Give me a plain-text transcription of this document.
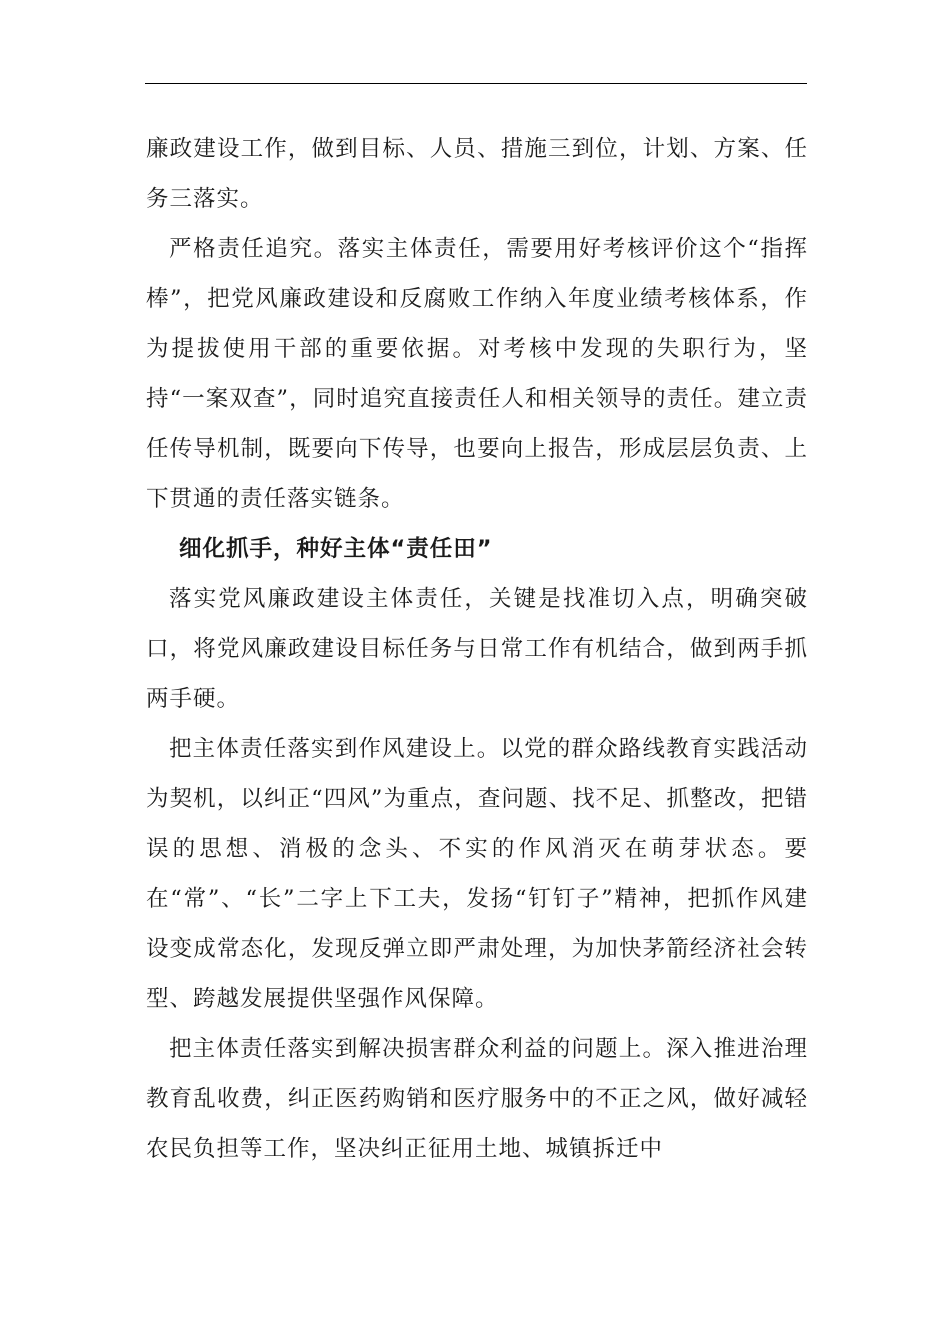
廉政建设工作，做到目标、人员、措施三到位，计划、方案、任务三落实。

严格责任追究。落实主体责任，需要用好考核评价这个“指挥棒”，把党风廉政建设和反腐败工作纳入年度业绩考核体系，作为提拔使用干部的重要依据。对考核中发现的失职行为，坚持“一案双查”，同时追究直接责任人和相关领导的责任。建立责任传导机制，既要向下传导，也要向上报告，形成层层负责、上下贯通的责任落实链条。

细化抓手，种好主体“责任田”

落实党风廉政建设主体责任，关键是找准切入点，明确突破口，将党风廉政建设目标任务与日常工作有机结合，做到两手抓两手硬。

把主体责任落实到作风建设上。以党的群众路线教育实践活动为契机，以纠正“四风”为重点，查问题、找不足、抓整改，把错误的思想、消极的念头、不实的作风消灭在萌芽状态。要在“常”、“长”二字上下工夫，发扬“钉钉子”精神，把抓作风建设变成常态化，发现反弹立即严肃处理，为加快茅箭经济社会转型、跨越发展提供坚强作风保障。

把主体责任落实到解决损害群众利益的问题上。深入推进治理教育乱收费，纠正医药购销和医疗服务中的不正之风，做好减轻农民负担等工作，坚决纠正征用土地、城镇拆迁中
